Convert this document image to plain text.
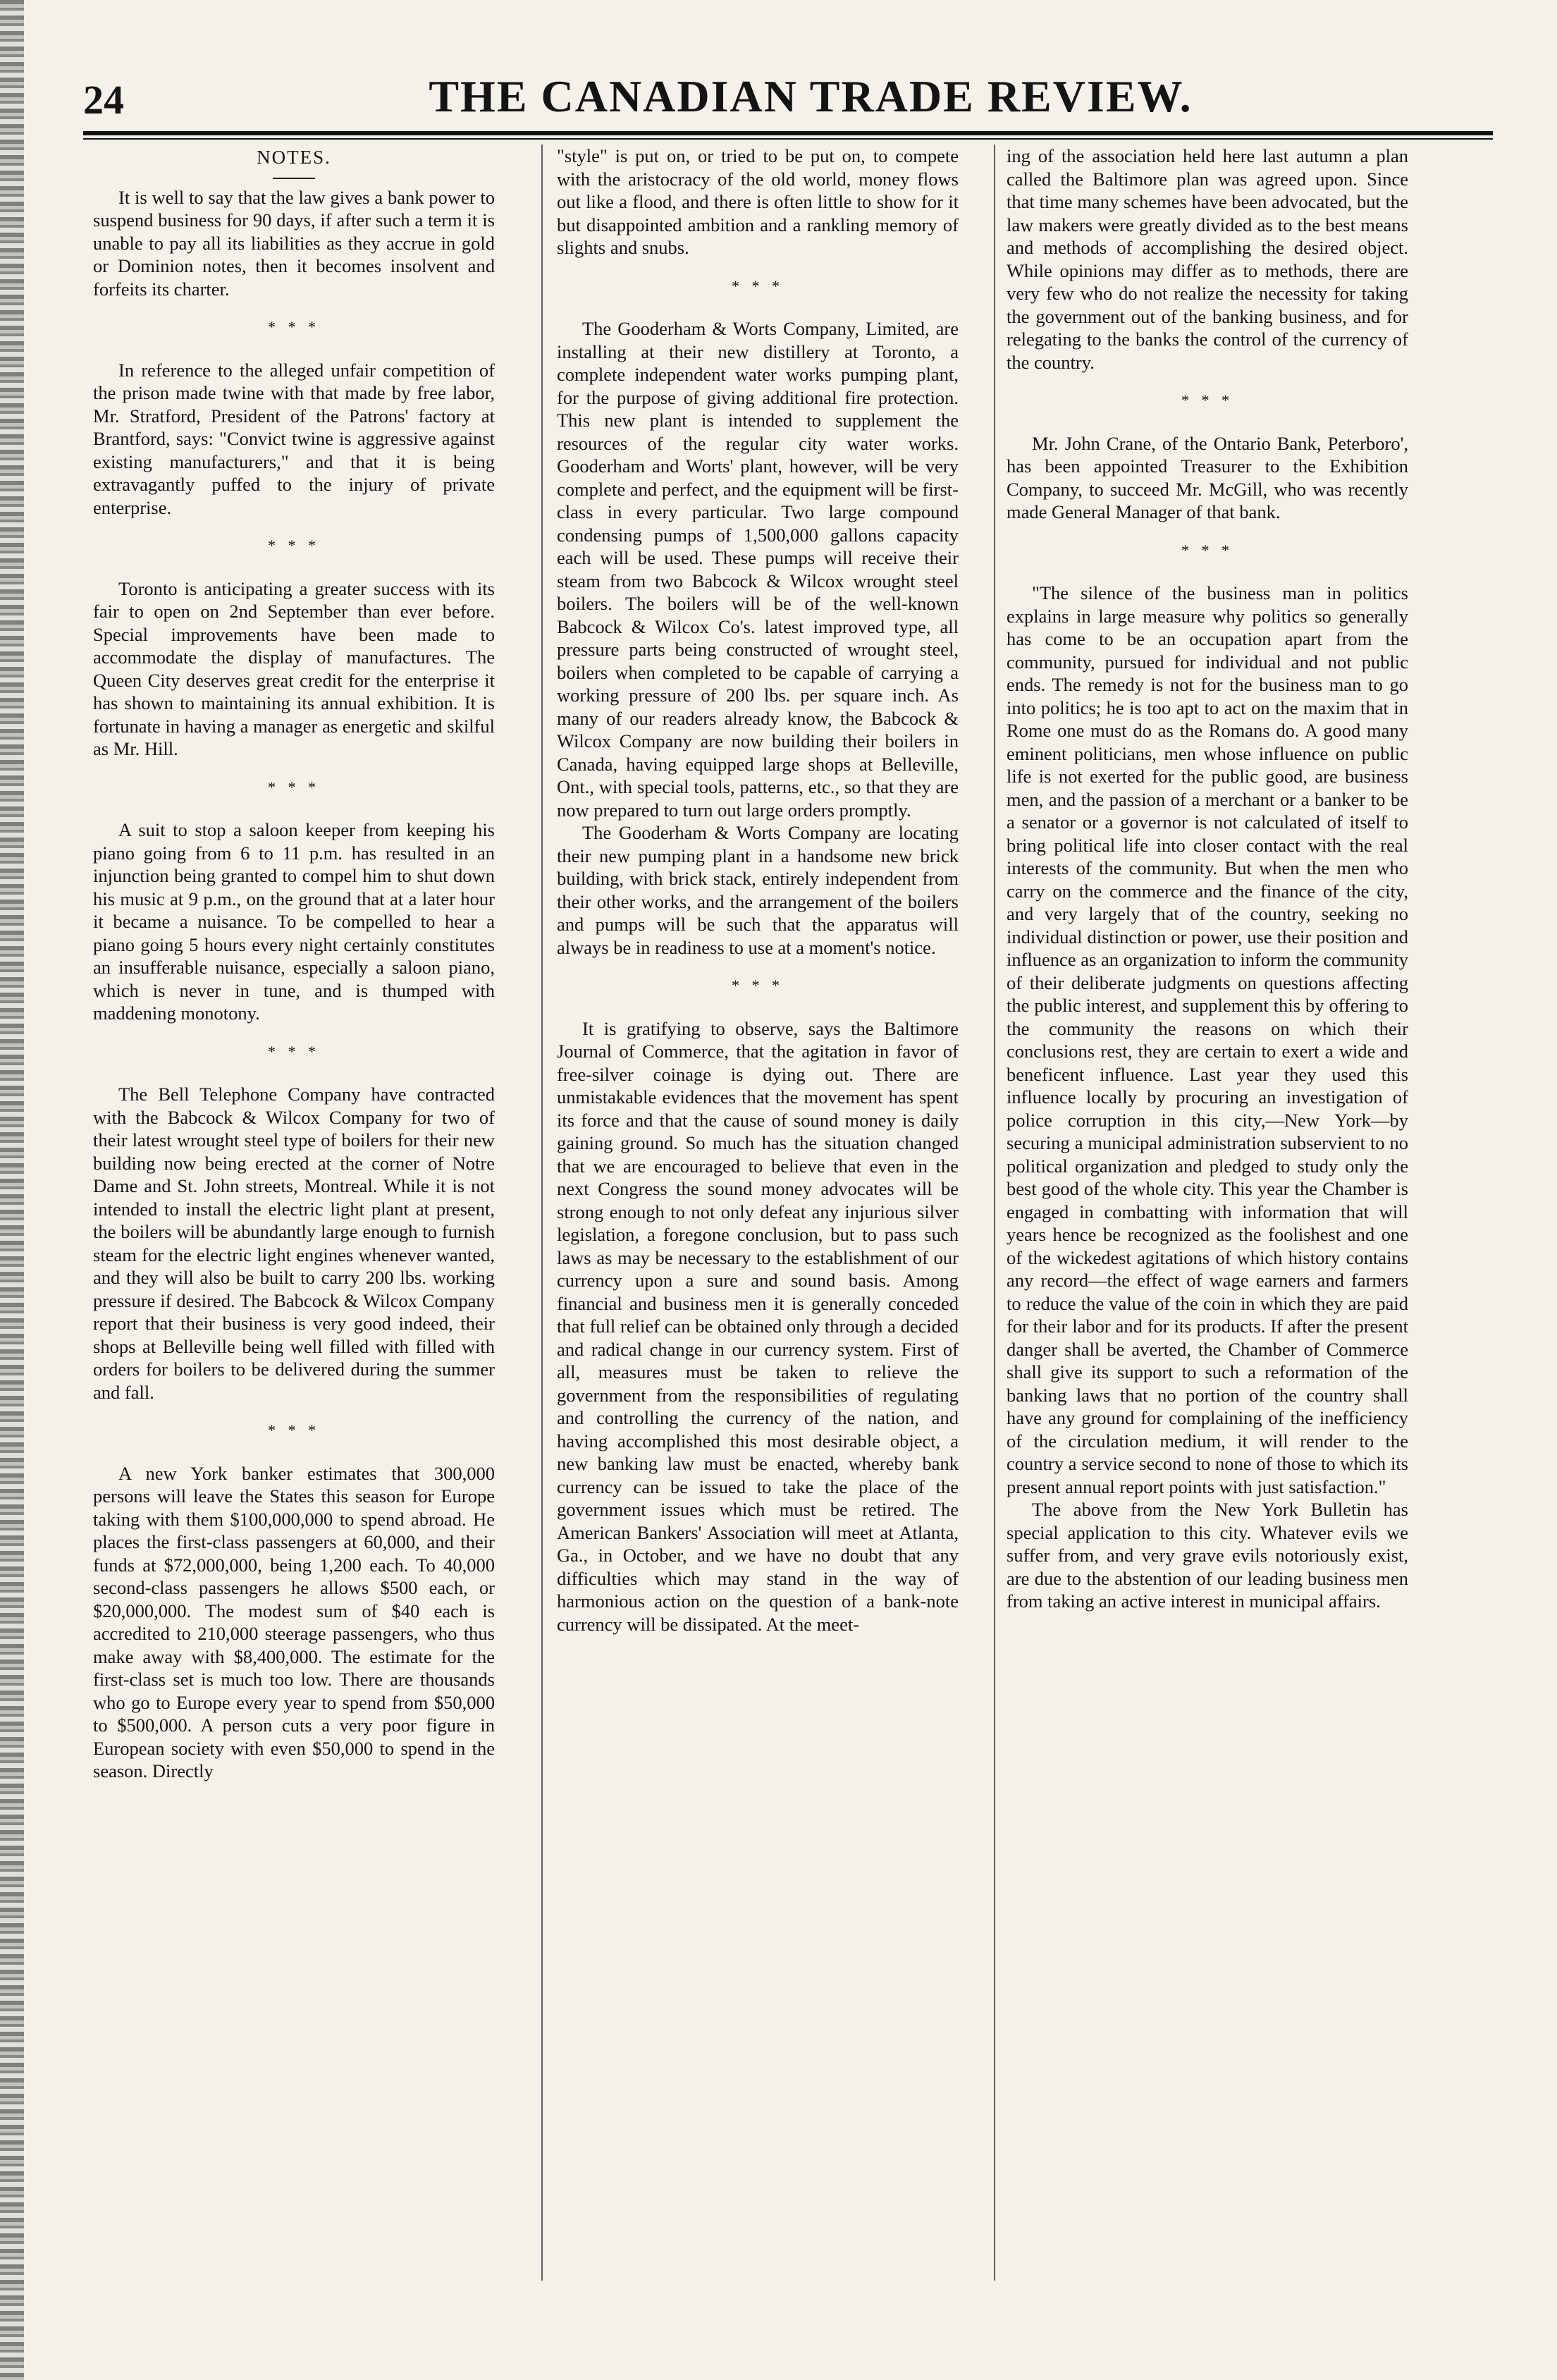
24	THE CANADIAN TRADE REVIEW.
NOTES.

It is well to say that the law gives a bank power to suspend business for 90 days, if after such a term it is unable to pay all its liabilities as they accrue in gold or Dominion notes, then it becomes insolvent and forfeits its charter.

* * *

In reference to the alleged unfair competition of the prison made twine with that made by free labor, Mr. Stratford, President of the Patrons' factory at Brantford, says: "Convict twine is aggressive against existing manufacturers," and that it is being extravagantly puffed to the injury of private enterprise.

* * *

Toronto is anticipating a greater success with its fair to open on 2nd September than ever before. Special improvements have been made to accommodate the display of manufactures. The Queen City deserves great credit for the enterprise it has shown to maintaining its annual exhibition. It is fortunate in having a manager as energetic and skilful as Mr. Hill.

* * *

A suit to stop a saloon keeper from keeping his piano going from 6 to 11 p.m. has resulted in an injunction being granted to compel him to shut down his music at 9 p.m., on the ground that at a later hour it became a nuisance. To be compelled to hear a piano going 5 hours every night certainly constitutes an insufferable nuisance, especially a saloon piano, which is never in tune, and is thumped with maddening monotony.

* * *

The Bell Telephone Company have contracted with the Babcock & Wilcox Company for two of their latest wrought steel type of boilers for their new building now being erected at the corner of Notre Dame and St. John streets, Montreal. While it is not intended to install the electric light plant at present, the boilers will be abundantly large enough to furnish steam for the electric light engines whenever wanted, and they will also be built to carry 200 lbs. working pressure if desired. The Babcock & Wilcox Company report that their business is very good indeed, their shops at Belleville being well filled with filled with orders for boilers to be delivered during the summer and fall.

* * *

A new York banker estimates that 300,000 persons will leave the States this season for Europe taking with them $100,000,000 to spend abroad. He places the first-class passengers at 60,000, and their funds at $72,000,000, being 1,200 each. To 40,000 second-class passengers he allows $500 each, or $20,000,000. The modest sum of $40 each is accredited to 210,000 steerage passengers, who thus make away with $8,400,000. The estimate for the first-class set is much too low. There are thousands who go to Europe every year to spend from $50,000 to $500,000. A person cuts a very poor figure in European society with even $50,000 to spend in the season. Directly

"style" is put on, or tried to be put on, to compete with the aristocracy of the old world, money flows out like a flood, and there is often little to show for it but disappointed ambition and a rankling memory of slights and snubs.

* * *

The Gooderham & Worts Company, Limited, are installing at their new distillery at Toronto, a complete independent water works pumping plant, for the purpose of giving additional fire protection. This new plant is intended to supplement the resources of the regular city water works. Gooderham and Worts' plant, however, will be very complete and perfect, and the equipment will be first-class in every particular. Two large compound condensing pumps of 1,500,000 gallons capacity each will be used. These pumps will receive their steam from two Babcock & Wilcox wrought steel boilers. The boilers will be of the well-known Babcock & Wilcox Co's. latest improved type, all pressure parts being constructed of wrought steel, boilers when completed to be capable of carrying a working pressure of 200 lbs. per square inch. As many of our readers already know, the Babcock & Wilcox Company are now building their boilers in Canada, having equipped large shops at Belleville, Ont., with special tools, patterns, etc., so that they are now prepared to turn out large orders promptly.

The Gooderham & Worts Company are locating their new pumping plant in a handsome new brick building, with brick stack, entirely independent from their other works, and the arrangement of the boilers and pumps will be such that the apparatus will always be in readiness to use at a moment's notice.

* * *

It is gratifying to observe, says the Baltimore Journal of Commerce, that the agitation in favor of free-silver coinage is dying out. There are unmistakable evidences that the movement has spent its force and that the cause of sound money is daily gaining ground. So much has the situation changed that we are encouraged to believe that even in the next Congress the sound money advocates will be strong enough to not only defeat any injurious silver legislation, a foregone conclusion, but to pass such laws as may be necessary to the establishment of our currency upon a sure and sound basis. Among financial and business men it is generally conceded that full relief can be obtained only through a decided and radical change in our currency system. First of all, measures must be taken to relieve the government from the responsibilities of regulating and controlling the currency of the nation, and having accomplished this most desirable object, a new banking law must be enacted, whereby bank currency can be issued to take the place of the government issues which must be retired. The American Bankers' Association will meet at Atlanta, Ga., in October, and we have no doubt that any difficulties which may stand in the way of harmonious action on the question of a bank-note currency will be dissipated. At the meet-

ing of the association held here last autumn a plan called the Baltimore plan was agreed upon. Since that time many schemes have been advocated, but the law makers were greatly divided as to the best means and methods of accomplishing the desired object. While opinions may differ as to methods, there are very few who do not realize the necessity for taking the government out of the banking business, and for relegating to the banks the control of the currency of the country.

* * *

Mr. John Crane, of the Ontario Bank, Peterboro', has been appointed Treasurer to the Exhibition Company, to succeed Mr. McGill, who was recently made General Manager of that bank.

* * *

"The silence of the business man in politics explains in large measure why politics so generally has come to be an occupation apart from the community, pursued for individual and not public ends. The remedy is not for the business man to go into politics; he is too apt to act on the maxim that in Rome one must do as the Romans do. A good many eminent politicians, men whose influence on public life is not exerted for the public good, are business men, and the passion of a merchant or a banker to be a senator or a governor is not calculated of itself to bring political life into closer contact with the real interests of the community. But when the men who carry on the commerce and the finance of the city, and very largely that of the country, seeking no individual distinction or power, use their position and influence as an organization to inform the community of their deliberate judgments on questions affecting the public interest, and supplement this by offering to the community the reasons on which their conclusions rest, they are certain to exert a wide and beneficent influence. Last year they used this influence locally by procuring an investigation of police corruption in this city,—New York—by securing a municipal administration subservient to no political organization and pledged to study only the best good of the whole city. This year the Chamber is engaged in combatting with information that will years hence be recognized as the foolishest and one of the wickedest agitations of which history contains any record—the effect of wage earners and farmers to reduce the value of the coin in which they are paid for their labor and for its products. If after the present danger shall be averted, the Chamber of Commerce shall give its support to such a reformation of the banking laws that no portion of the country shall have any ground for complaining of the inefficiency of the circulation medium, it will render to the country a service second to none of those to which its present annual report points with just satisfaction."

The above from the New York Bulletin has special application to this city. Whatever evils we suffer from, and very grave evils notoriously exist, are due to the abstention of our leading business men from taking an active interest in municipal affairs.
